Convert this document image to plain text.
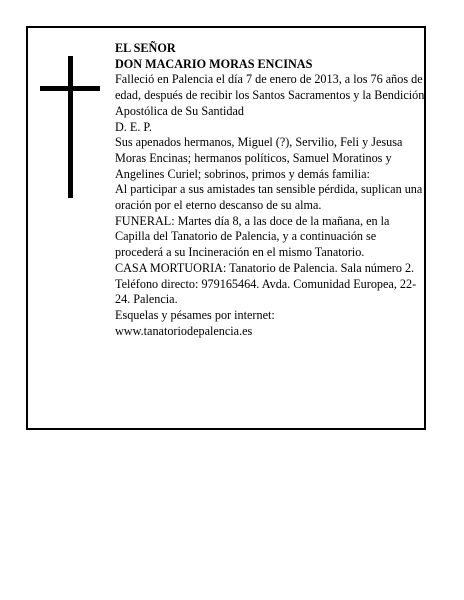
EL SEÑOR

DON MACARIO MORAS ENCINAS

Falleció en Palencia el día 7 de enero de 2013, a los 76 años de edad, después de recibir los Santos Sacramentos y la Bendición Apostólica de Su Santidad

D. E. P.

Sus apenados hermanos, Miguel (?), Servilio, Feli y Jesusa Moras Encinas; hermanos políticos, Samuel Moratinos y Angelines Curiel; sobrinos, primos y demás familia:

Al participar a sus amistades tan sensible pérdida, suplican una oración por el eterno descanso de su alma.

FUNERAL: Martes día 8, a las doce de la mañana, en la Capilla del Tanatorio de Palencia, y a continuación se procederá a su Incineración en el mismo Tanatorio.

CASA MORTUORIA: Tanatorio de Palencia. Sala número 2. Teléfono directo: 979165464. Avda. Comunidad Europea, 22-24. Palencia.

Esquelas y pésames por internet:

www.tanatoriodepalencia.es
